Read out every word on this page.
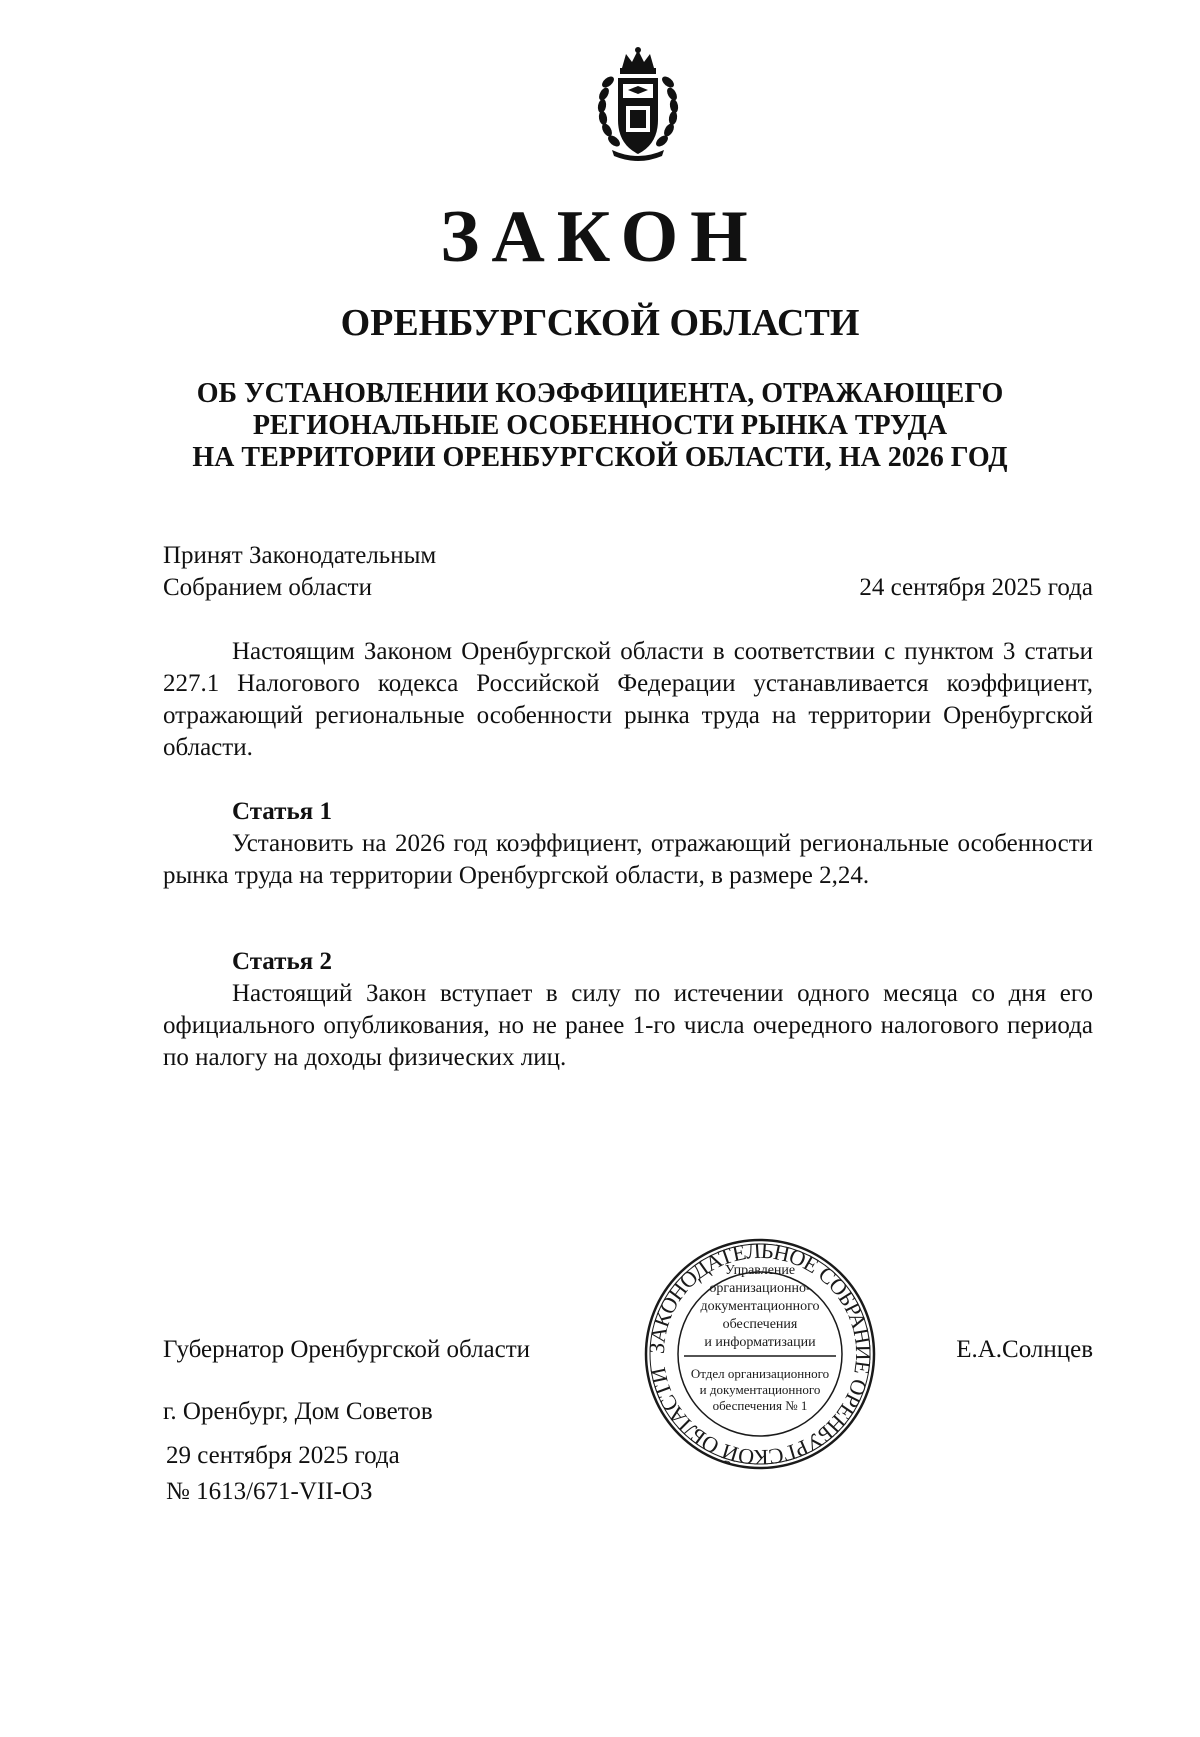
ЗАКОН
ОРЕНБУРГСКОЙ ОБЛАСТИ
ОБ УСТАНОВЛЕНИИ КОЭФФИЦИЕНТА, ОТРАЖАЮЩЕГО
РЕГИОНАЛЬНЫЕ ОСОБЕННОСТИ РЫНКА ТРУДА
НА ТЕРРИТОРИИ ОРЕНБУРГСКОЙ ОБЛАСТИ, НА 2026 ГОД
Принят Законодательным
Собранием области	24 сентября 2025 года
Настоящим Законом Оренбургской области в соответствии с пунктом 3 статьи 227.1 Налогового кодекса Российской Федерации устанавливается коэффициент, отражающий региональные особенности рынка труда на территории Оренбургской области.
Статья 1
Установить на 2026 год коэффициент, отражающий региональные особенности рынка труда на территории Оренбургской области, в размере 2,24.
Статья 2
Настоящий Закон вступает в силу по истечении одного месяца со дня его официального опубликования, но не ранее 1-го числа очередного налогового периода по налогу на доходы физических лиц.
ЗАКОНОДАТЕЛЬНОЕ СОБРАНИЕ ОРЕНБУРГСКОЙ ОБЛАСТИ
Управление
организационно-
документационного
обеспечения
и информатизации
Отдел организационного
и документационного
обеспечения № 1
Губернатор Оренбургской области	Е.А.Солнцев
г. Оренбург, Дом Советов
29 сентября 2025 года
№ 1613/671-VII-ОЗ
